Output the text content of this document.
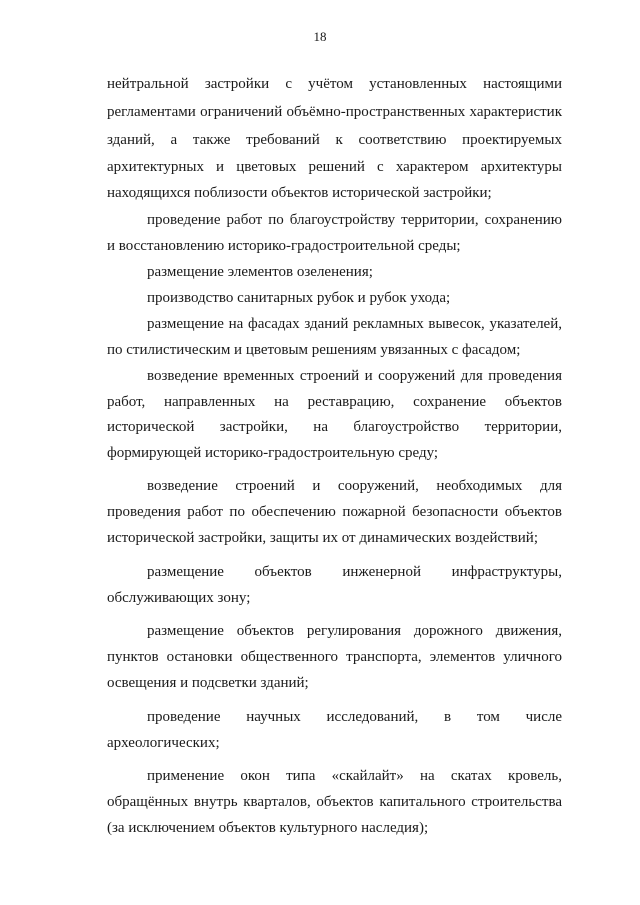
18
нейтральной застройки с учётом установленных настоящими
регламентами ограничений объёмно-пространственных характеристик
зданий, а также требований к соответствию проектируемых
архитектурных и цветовых решений с характером архитектуры
находящихся поблизости объектов исторической застройки;
проведение работ по благоустройству территории, сохранению
и восстановлению историко-градостроительной среды;
размещение элементов озеленения;
производство санитарных рубок и рубок ухода;
размещение на фасадах зданий рекламных вывесок, указателей,
по стилистическим и цветовым решениям увязанных с фасадом;
возведение временных строений и сооружений для проведения
работ, направленных на реставрацию, сохранение объектов
исторической застройки, на благоустройство территории,
формирующей историко-градостроительную среду;
возведение строений и сооружений, необходимых для
проведения работ по обеспечению пожарной безопасности объектов
исторической застройки, защиты их от динамических воздействий;
размещение объектов инженерной инфраструктуры,
обслуживающих зону;
размещение объектов регулирования дорожного движения,
пунктов остановки общественного транспорта, элементов уличного
освещения и подсветки зданий;
проведение научных исследований, в том числе
археологических;
применение окон типа «скайлайт» на скатах кровель,
обращённых внутрь кварталов, объектов капитального строительства
(за исключением объектов культурного наследия);
